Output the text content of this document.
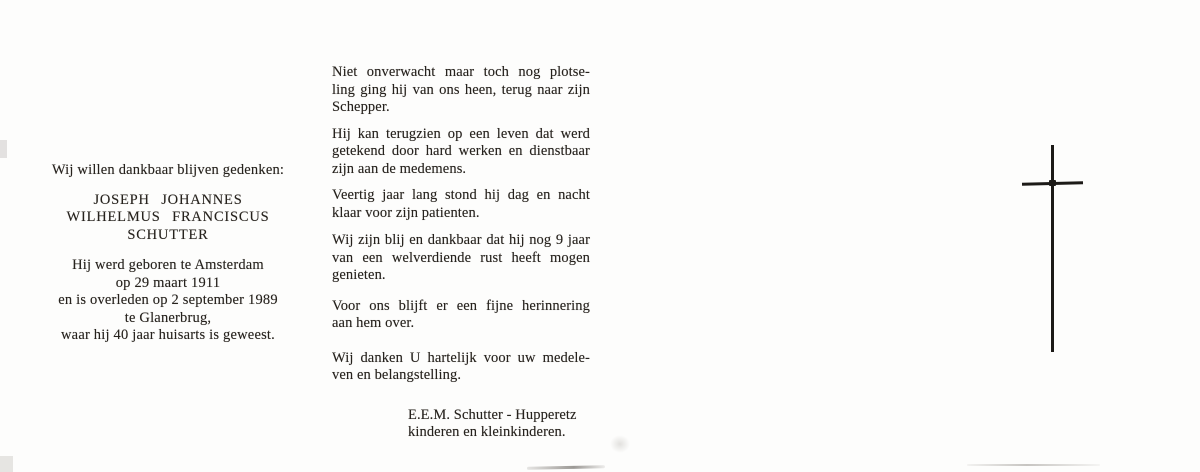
Wij willen dankbaar blijven gedenken:
JOSEPH JOHANNES
WILHELMUS FRANCISCUS
SCHUTTER
Hij werd geboren te Amsterdam
op 29 maart 1911
en is overleden op 2 september 1989
te Glanerbrug,
waar hij 40 jaar huisarts is geweest.
Niet onverwacht maar toch nog plotse-
ling ging hij van ons heen, terug naar zijn
Schepper.
Hij kan terugzien op een leven dat werd
getekend door hard werken en dienstbaar
zijn aan de medemens.
Veertig jaar lang stond hij dag en nacht
klaar voor zijn patienten.
Wij zijn blij en dankbaar dat hij nog 9 jaar
van een welverdiende rust heeft mogen
genieten.
Voor ons blijft er een fijne herinnering
aan hem over.
Wij danken U hartelijk voor uw medele-
ven en belangstelling.
E.E.M. Schutter - Hupperetz
kinderen en kleinkinderen.
